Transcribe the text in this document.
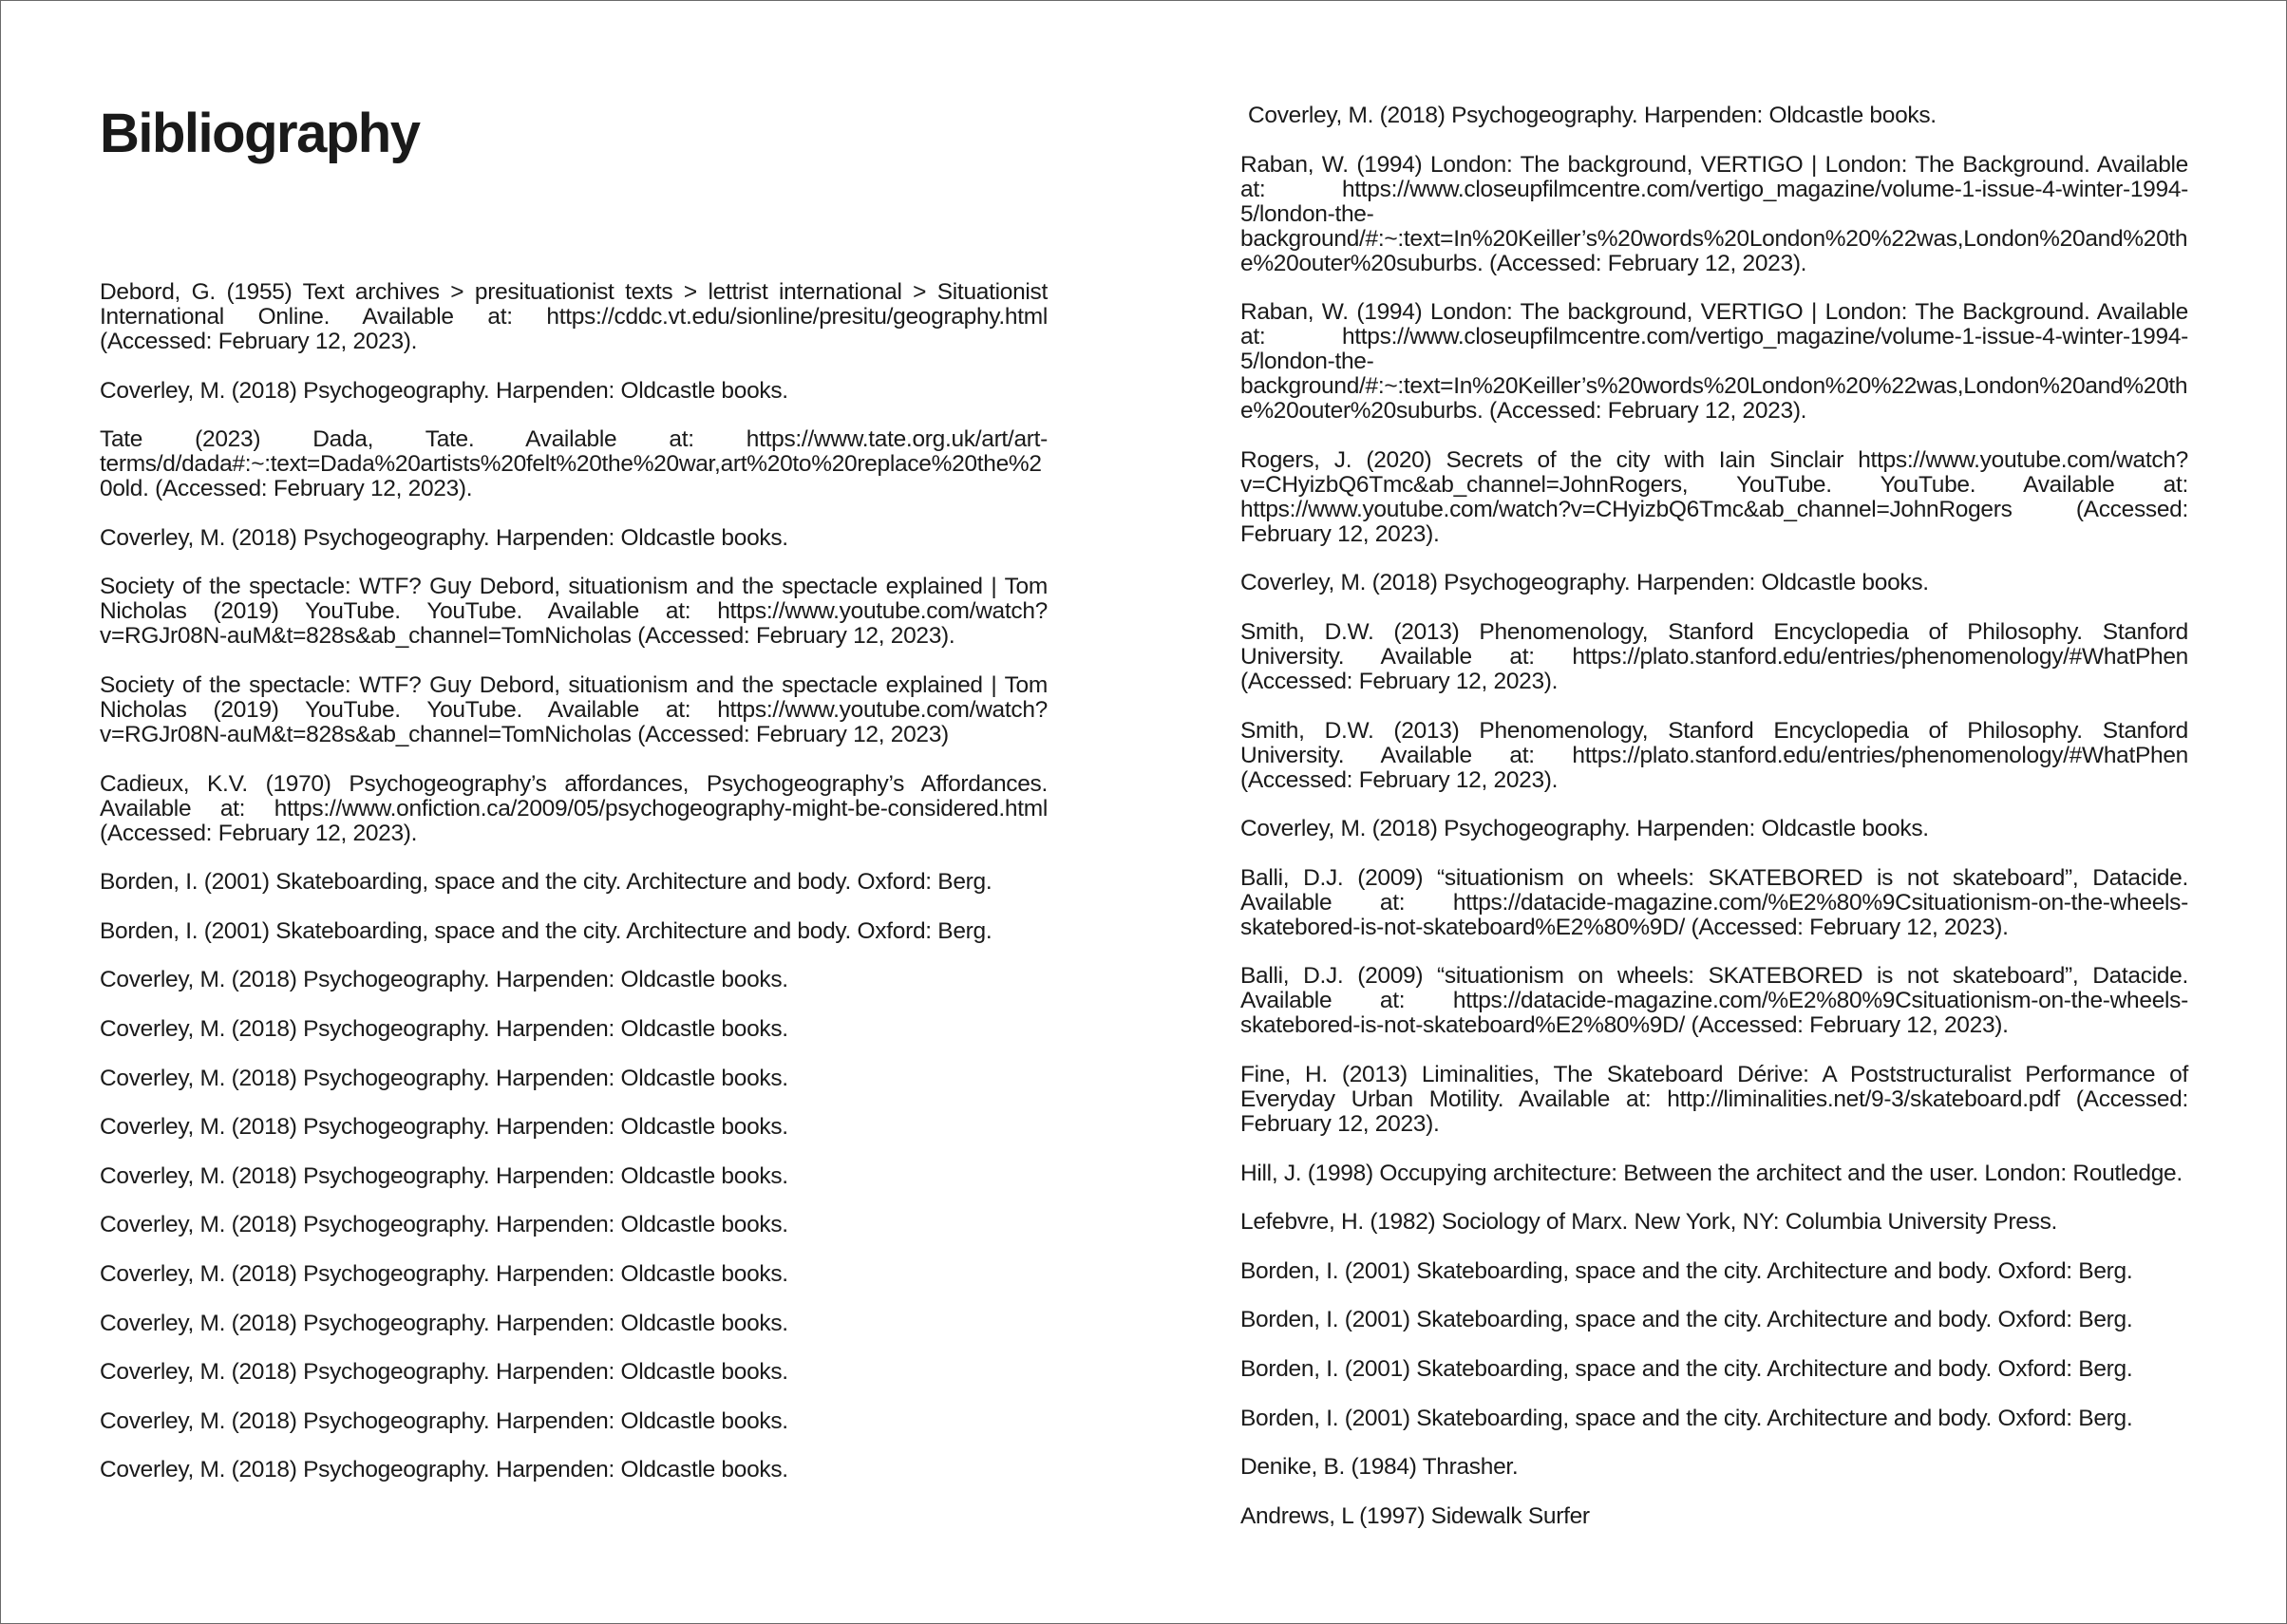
Bibliography
Debord, G. (1955) Text archives > presituationist texts > lettrist international > Situationist International Online. Available at: https://cddc.vt.edu/sionline/presitu/geography.html (Accessed: February 12, 2023).
Coverley, M. (2018) Psychogeography. Harpenden: Oldcastle books.
Tate (2023) Dada, Tate. Available at: https://www.tate.org.uk/art/art-terms/d/dada#:~:text=Dada%20artists%20felt%20the%20war,art%20to%20replace%20the%20old. (Accessed: February 12, 2023).
Coverley, M. (2018) Psychogeography. Harpenden: Oldcastle books.
Society of the spectacle: WTF? Guy Debord, situationism and the spectacle explained | Tom Nicholas (2019) YouTube. YouTube. Available at: https://www.youtube.com/watch?v=RGJr08N-auM&t=828s&ab_channel=TomNicholas (Accessed: February 12, 2023).
Society of the spectacle: WTF? Guy Debord, situationism and the spectacle explained | Tom Nicholas (2019) YouTube. YouTube. Available at: https://www.youtube.com/watch?v=RGJr08N-auM&t=828s&ab_channel=TomNicholas (Accessed: February 12, 2023)
Cadieux, K.V. (1970) Psychogeography’s affordances, Psychogeography’s Affordances. Available at: https://www.onfiction.ca/2009/05/psychogeography-might-be-considered.html (Accessed: February 12, 2023).
Borden, I. (2001) Skateboarding, space and the city. Architecture and body. Oxford: Berg.
Borden, I. (2001) Skateboarding, space and the city. Architecture and body. Oxford: Berg.
Coverley, M. (2018) Psychogeography. Harpenden: Oldcastle books.
Coverley, M. (2018) Psychogeography. Harpenden: Oldcastle books.
Coverley, M. (2018) Psychogeography. Harpenden: Oldcastle books.
Coverley, M. (2018) Psychogeography. Harpenden: Oldcastle books.
Coverley, M. (2018) Psychogeography. Harpenden: Oldcastle books.
Coverley, M. (2018) Psychogeography. Harpenden: Oldcastle books.
Coverley, M. (2018) Psychogeography. Harpenden: Oldcastle books.
Coverley, M. (2018) Psychogeography. Harpenden: Oldcastle books.
Coverley, M. (2018) Psychogeography. Harpenden: Oldcastle books.
Coverley, M. (2018) Psychogeography. Harpenden: Oldcastle books.
Coverley, M. (2018) Psychogeography. Harpenden: Oldcastle books.
Coverley, M. (2018) Psychogeography. Harpenden: Oldcastle books.
Raban, W. (1994) London: The background, VERTIGO | London: The Background. Available at: https://www.closeupfilmcentre.com/vertigo_magazine/volume-1-issue-4-winter-1994-5/london-the-background/#:~:text=In%20Keiller’s%20words%20London%20%22was,London%20and%20the%20outer%20suburbs. (Accessed: February 12, 2023).
Raban, W. (1994) London: The background, VERTIGO | London: The Background. Available at: https://www.closeupfilmcentre.com/vertigo_magazine/volume-1-issue-4-winter-1994-5/london-the-background/#:~:text=In%20Keiller’s%20words%20London%20%22was,London%20and%20the%20outer%20suburbs. (Accessed: February 12, 2023).
Rogers, J. (2020) Secrets of the city with Iain Sinclair https://www.youtube.com/watch?v=CHyizbQ6Tmc&ab_channel=JohnRogers, YouTube. YouTube. Available at: https://www.youtube.com/watch?v=CHyizbQ6Tmc&ab_channel=JohnRogers (Accessed: February 12, 2023).
Coverley, M. (2018) Psychogeography. Harpenden: Oldcastle books.
Smith, D.W. (2013) Phenomenology, Stanford Encyclopedia of Philosophy. Stanford University. Available at: https://plato.stanford.edu/entries/phenomenology/#WhatPhen (Accessed: February 12, 2023).
Smith, D.W. (2013) Phenomenology, Stanford Encyclopedia of Philosophy. Stanford University. Available at: https://plato.stanford.edu/entries/phenomenology/#WhatPhen (Accessed: February 12, 2023).
Coverley, M. (2018) Psychogeography. Harpenden: Oldcastle books.
Balli, D.J. (2009) “situationism on wheels: SKATEBORED is not skateboard”, Datacide. Available at: https://datacide-magazine.com/%E2%80%9Csituationism-on-the-wheels-skatebored-is-not-skateboard%E2%80%9D/ (Accessed: February 12, 2023).
Balli, D.J. (2009) “situationism on wheels: SKATEBORED is not skateboard”, Datacide. Available at: https://datacide-magazine.com/%E2%80%9Csituationism-on-the-wheels-skatebored-is-not-skateboard%E2%80%9D/ (Accessed: February 12, 2023).
Fine, H. (2013) Liminalities, The Skateboard Dérive: A Poststructuralist Performance of Everyday Urban Motility. Available at: http://liminalities.net/9-3/skateboard.pdf (Accessed: February 12, 2023).
Hill, J. (1998) Occupying architecture: Between the architect and the user. London: Routledge.
Lefebvre, H. (1982) Sociology of Marx. New York, NY: Columbia University Press.
Borden, I. (2001) Skateboarding, space and the city. Architecture and body. Oxford: Berg.
Borden, I. (2001) Skateboarding, space and the city. Architecture and body. Oxford: Berg.
Borden, I. (2001) Skateboarding, space and the city. Architecture and body. Oxford: Berg.
Borden, I. (2001) Skateboarding, space and the city. Architecture and body. Oxford: Berg.
Denike, B. (1984) Thrasher.
Andrews, L (1997) Sidewalk Surfer
